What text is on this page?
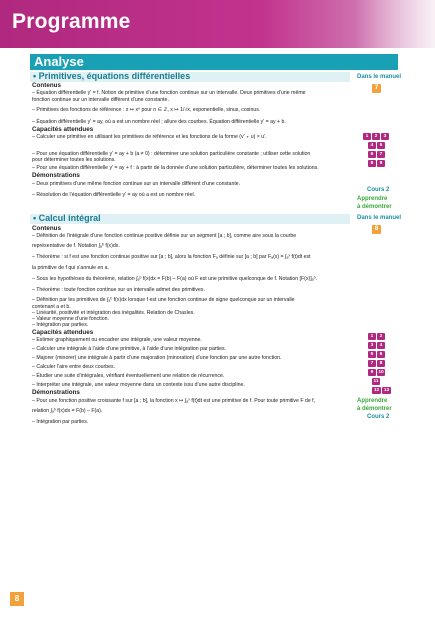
Programme
Analyse
• Primitives, équations différentielles	Dans le manuel
7
Contenus
– Équation différentielle y' = f. Notion de primitive d’une fonction continue sur un intervalle. Deux primitives d’une même
fonction continue sur un intervalle diffèrent d’une constante.
– Primitives des fonctions de référence : x ↦ xⁿ pour n ∈ ℤ, x ↦ 1/√x, exponentielle, sinus, cosinus.
– Équation différentielle y' = ay, où a est un nombre réel ; allure des courbes. Équation différentielle y' = ay + b.
Capacités attendues
– Calculer une primitive en utilisant les primitives de référence et les fonctions de la forme (v' ∘ u) × u'.
– Pour une équation différentielle y' = ay + b (a ≠ 0) : déterminer une solution particulière constante ; utiliser cette solution
pour déterminer toutes les solutions.
– Pour une équation différentielle y' = ay + f : à partir de la donnée d’une solution particulière, déterminer toutes les solutions.
Démonstrations
– Deux primitives d’une même fonction continue sur un intervalle diffèrent d’une constante.
– Résolution de l’équation différentielle y' = ay où a est un nombre réel.
1	2	3
4	5
6	7
8	9
Cours 2
Apprendre
à démontrer
• Calcul intégral	Dans le manuel
8
Contenus
– Définition de l’intégrale d’une fonction continue positive définie sur un segment [a ; b], comme aire sous la courbe
représentative de f. Notation ∫ₐᵇ f(x)dx.
– Théorème : si f est une fonction continue positive sur [a ; b], alors la fonction Fₐ définie sur [a ; b] par Fₐ(x) = ∫ₐˣ f(t)dt est
la primitive de f qui s’annule en a.
– Sous les hypothèses du théorème, relation ∫ₐᵇ f(x)dx = F(b) – F(a) où F est une primitive quelconque de f. Notation [F(x)]ₐᵇ.
– Théorème : toute fonction continue sur un intervalle admet des primitives.
– Définition par les primitives de ∫ₐᵇ f(x)dx lorsque f est une fonction continue de signe quelconque sur un intervalle
contenant a et b.
– Linéarité, positivité et intégration des inégalités. Relation de Chasles.
– Valeur moyenne d’une fonction.
– Intégration par parties.
Capacités attendues
– Estimer graphiquement ou encadrer une intégrale, une valeur moyenne.
– Calculer une intégrale à l’aide d’une primitive, à l’aide d’une intégration par parties.
– Majorer (minorer) une intégrale à partir d’une majoration (minoration) d’une fonction par une autre fonction.
– Calculer l’aire entre deux courbes.
– Étudier une suite d’intégrales, vérifiant éventuellement une relation de récurrence.
– Interpréter une intégrale, une valeur moyenne dans un contexte issu d’une autre discipline.
Démonstrations
– Pour une fonction positive croissante f sur [a ; b], la fonction x ↦ ∫ₐˣ f(t)dt est une primitive de f. Pour toute primitive F de f,
relation ∫ₐᵇ f(x)dx = F(b) – F(a).
– Intégration par parties.
1	2
3	4
5	6
7	8
9	10
11
12 13
Apprendre
à démontrer
Cours 2
8
